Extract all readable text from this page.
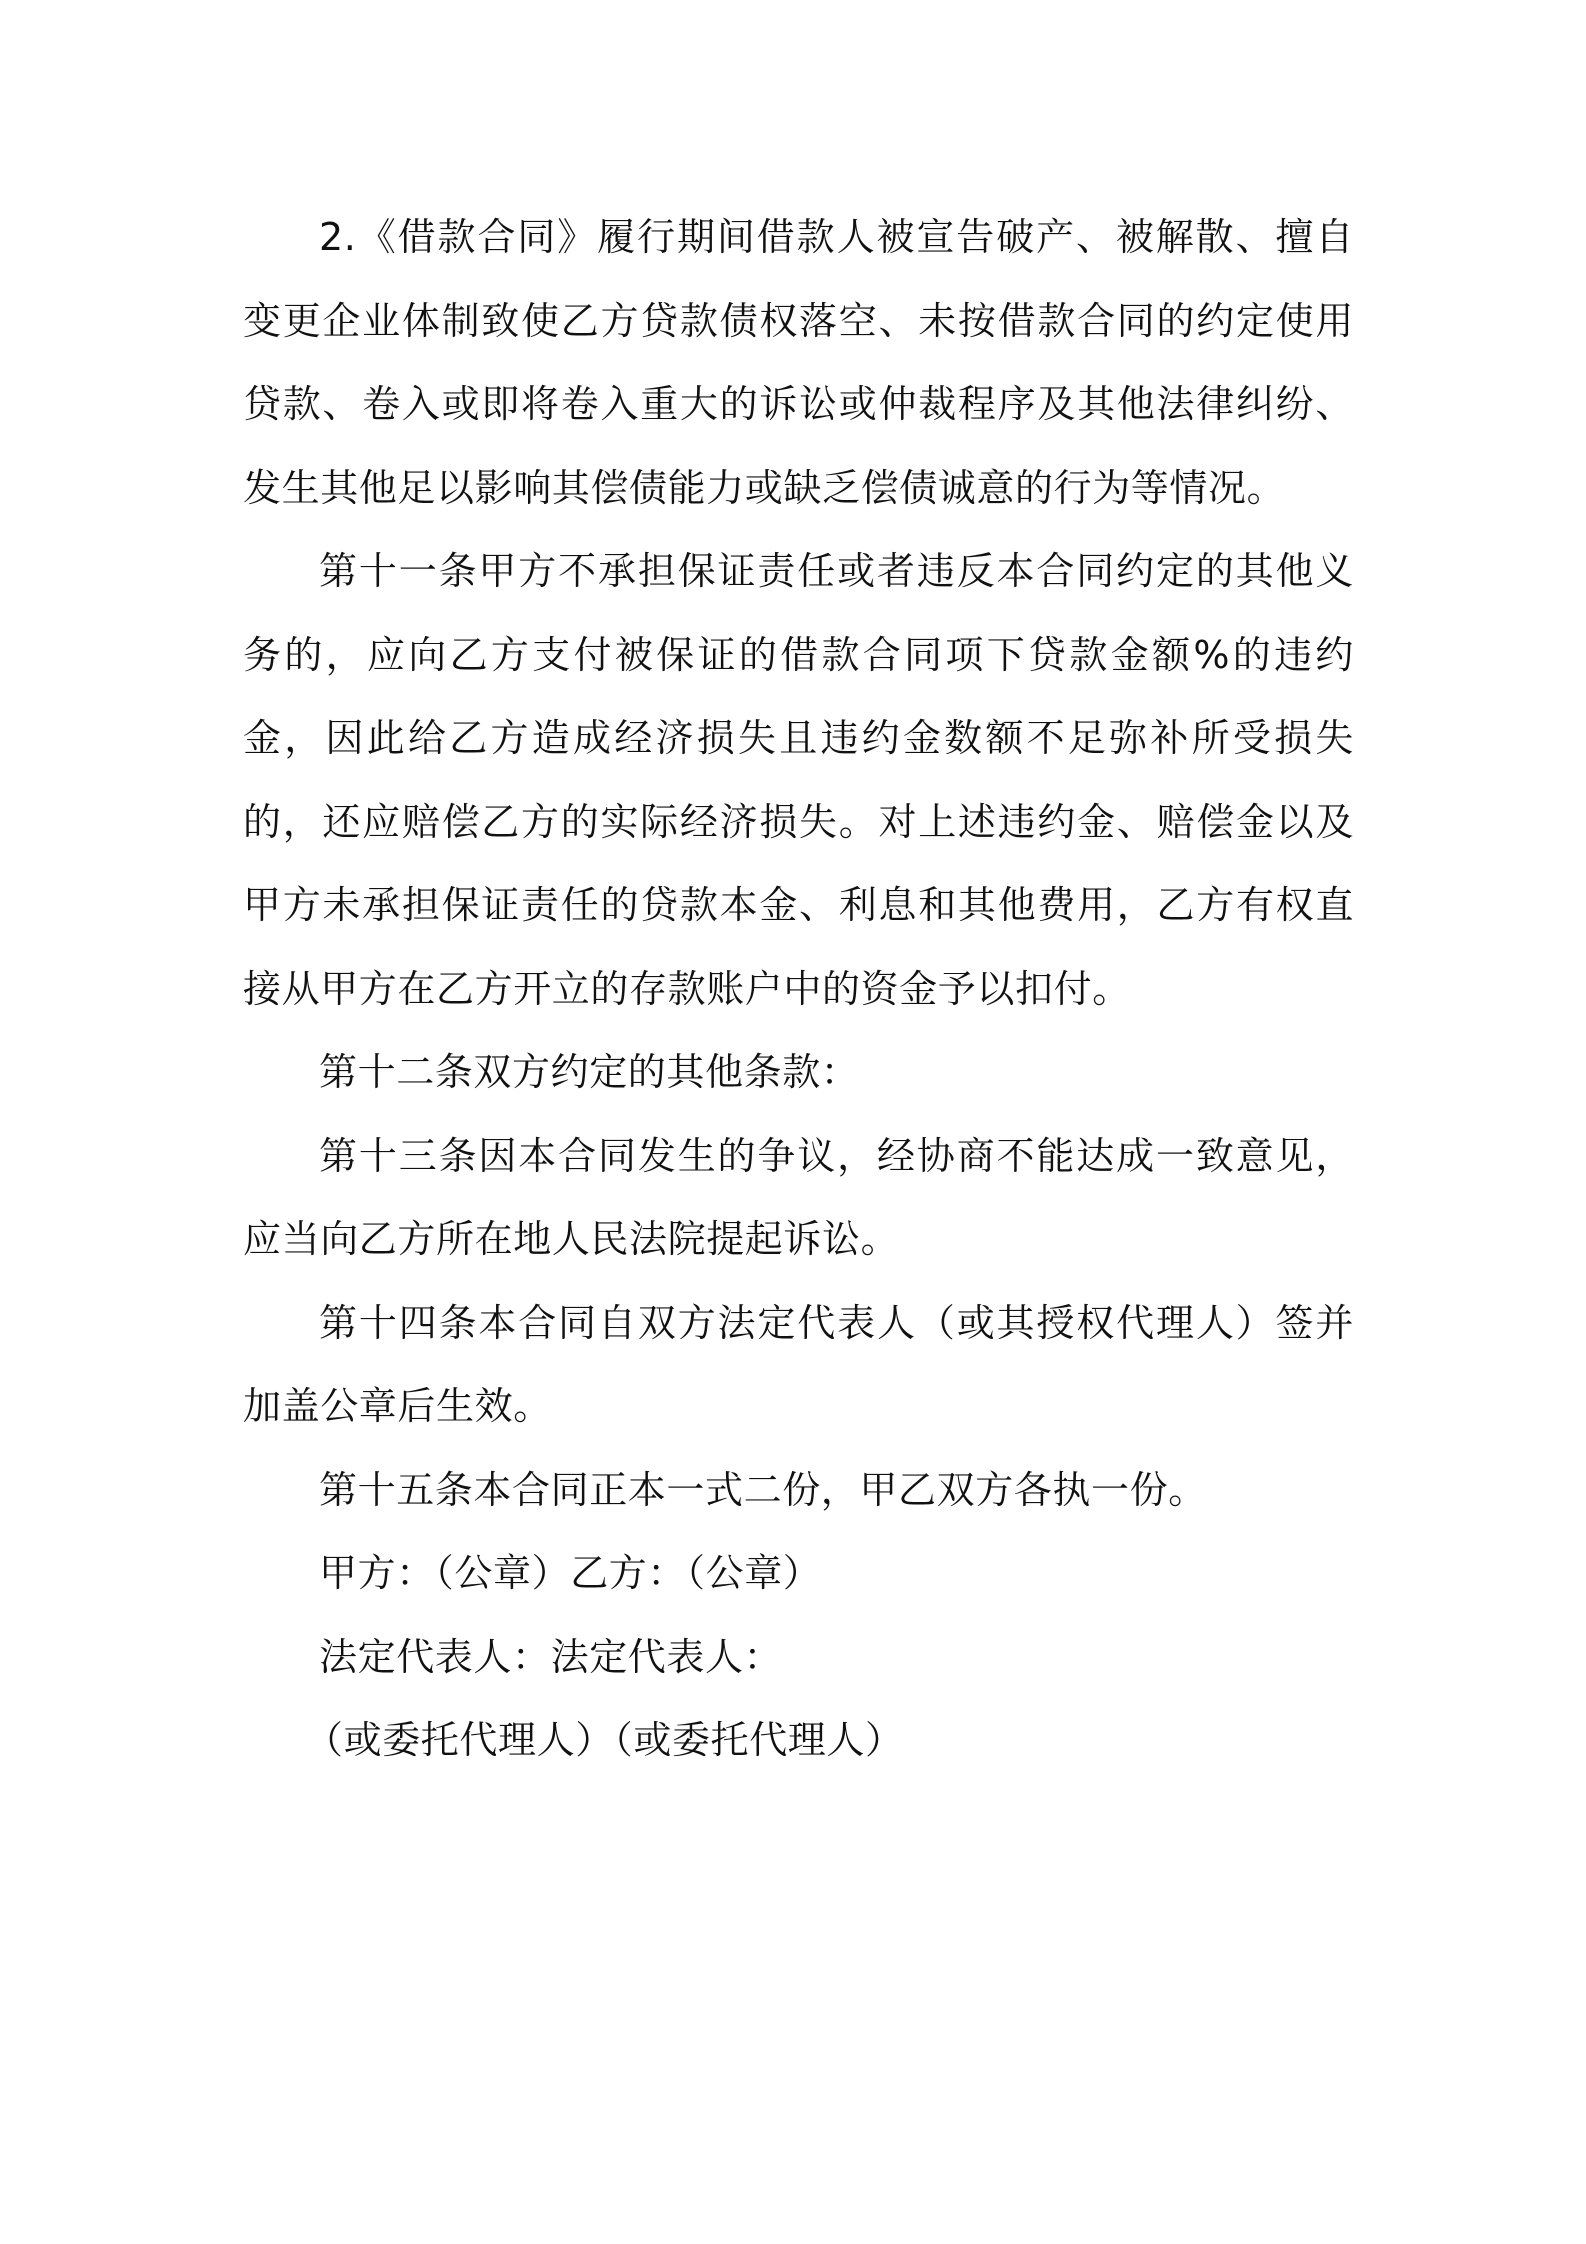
2.《借款合同》履行期间借款人被宣告破产、被解散、擅自变更企业体制致使乙方贷款债权落空、未按借款合同的约定使用贷款、卷入或即将卷入重大的诉讼或仲裁程序及其他法律纠纷、发生其他足以影响其偿债能力或缺乏偿债诚意的行为等情况。

第十一条甲方不承担保证责任或者违反本合同约定的其他义务的，应向乙方支付被保证的借款合同项下贷款金额%的违约金，因此给乙方造成经济损失且违约金数额不足弥补所受损失的，还应赔偿乙方的实际经济损失。对上述违约金、赔偿金以及甲方未承担保证责任的贷款本金、利息和其他费用，乙方有权直接从甲方在乙方开立的存款账户中的资金予以扣付。

第十二条双方约定的其他条款：

第十三条因本合同发生的争议，经协商不能达成一致意见，应当向乙方所在地人民法院提起诉讼。

第十四条本合同自双方法定代表人（或其授权代理人）签并加盖公章后生效。

第十五条本合同正本一式二份，甲乙双方各执一份。

甲方：（公章）乙方：（公章）

法定代表人：法定代表人：

（或委托代理人）（或委托代理人）
